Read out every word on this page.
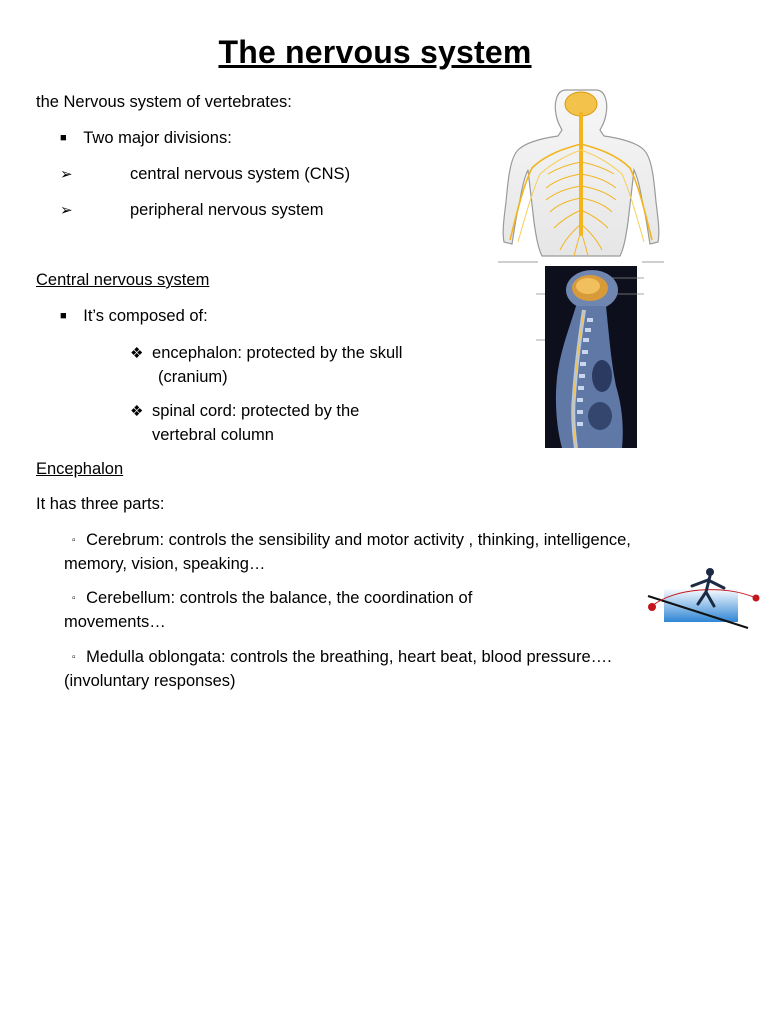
The nervous system
the Nervous system of vertebrates:
■ Two major divisions:
➢	central nervous system (CNS)
➢	peripheral nervous system
Central nervous system
■ It’s composed of:
❖ encephalon: protected by the skull
(cranium)
❖ spinal cord: protected by the
vertebral column
Encephalon
It has three parts:
▫ Cerebrum: controls the sensibility and motor activity , thinking, intelligence,
memory, vision, speaking…
▫ Cerebellum: controls the balance, the coordination of
movements…
▫ Medulla oblongata: controls the breathing, heart beat, blood pressure….
(involuntary responses)
